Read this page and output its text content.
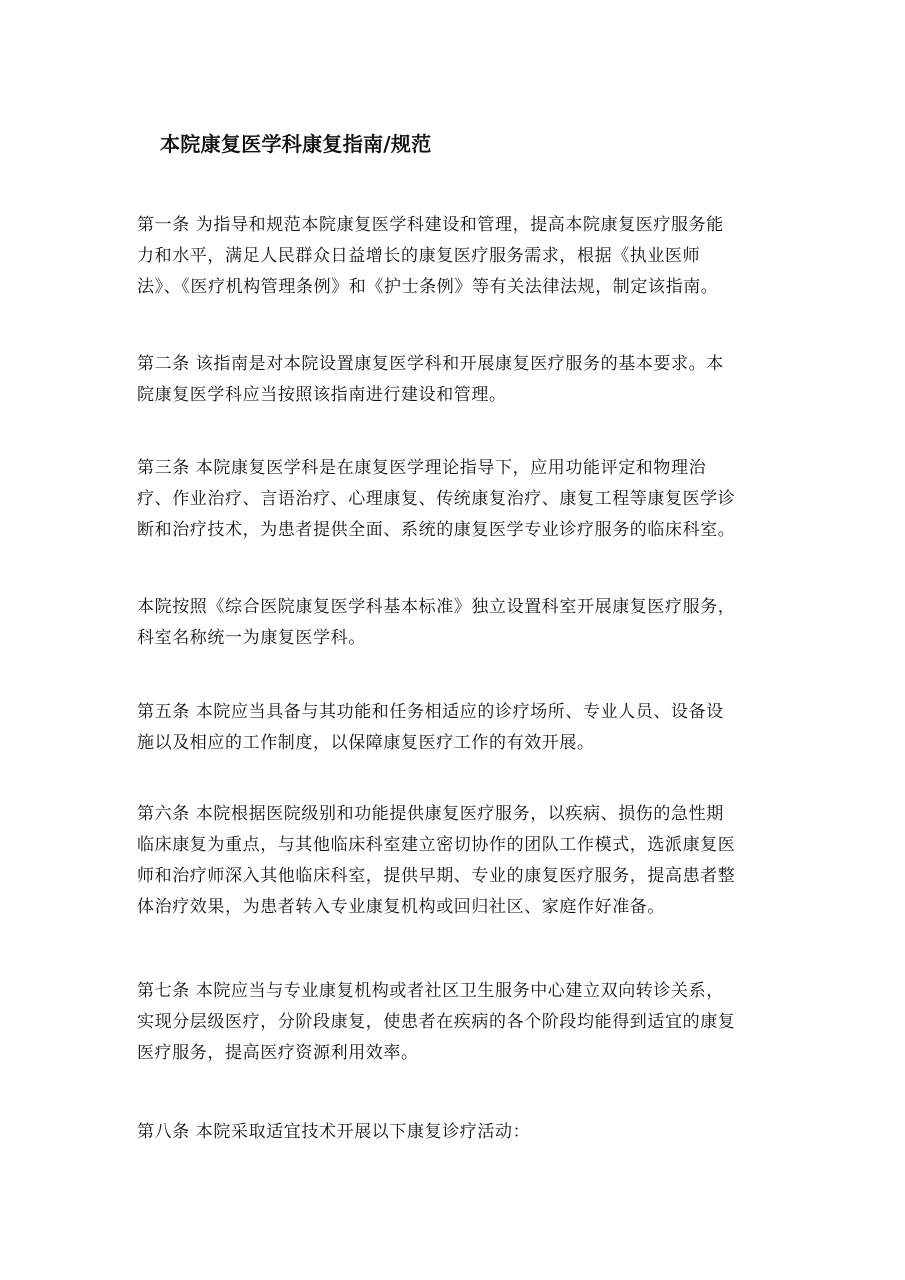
本院康复医学科康复指南/规范
第一条 为指导和规范本院康复医学科建设和管理，提高本院康复医疗服务能
力和水平，满足人民群众日益增长的康复医疗服务需求，根据《执业医师
法》、《医疗机构管理条例》和《护士条例》等有关法律法规，制定该指南。
第二条 该指南是对本院设置康复医学科和开展康复医疗服务的基本要求。本
院康复医学科应当按照该指南进行建设和管理。
第三条 本院康复医学科是在康复医学理论指导下，应用功能评定和物理治
疗、作业治疗、言语治疗、心理康复、传统康复治疗、康复工程等康复医学诊
断和治疗技术，为患者提供全面、系统的康复医学专业诊疗服务的临床科室。
本院按照《综合医院康复医学科基本标准》独立设置科室开展康复医疗服务，
科室名称统一为康复医学科。
第五条 本院应当具备与其功能和任务相适应的诊疗场所、专业人员、设备设
施以及相应的工作制度，以保障康复医疗工作的有效开展。
第六条 本院根据医院级别和功能提供康复医疗服务，以疾病、损伤的急性期
临床康复为重点，与其他临床科室建立密切协作的团队工作模式，选派康复医
师和治疗师深入其他临床科室，提供早期、专业的康复医疗服务，提高患者整
体治疗效果，为患者转入专业康复机构或回归社区、家庭作好准备。
第七条 本院应当与专业康复机构或者社区卫生服务中心建立双向转诊关系，
实现分层级医疗，分阶段康复，使患者在疾病的各个阶段均能得到适宜的康复
医疗服务，提高医疗资源利用效率。
第八条 本院采取适宜技术开展以下康复诊疗活动：
